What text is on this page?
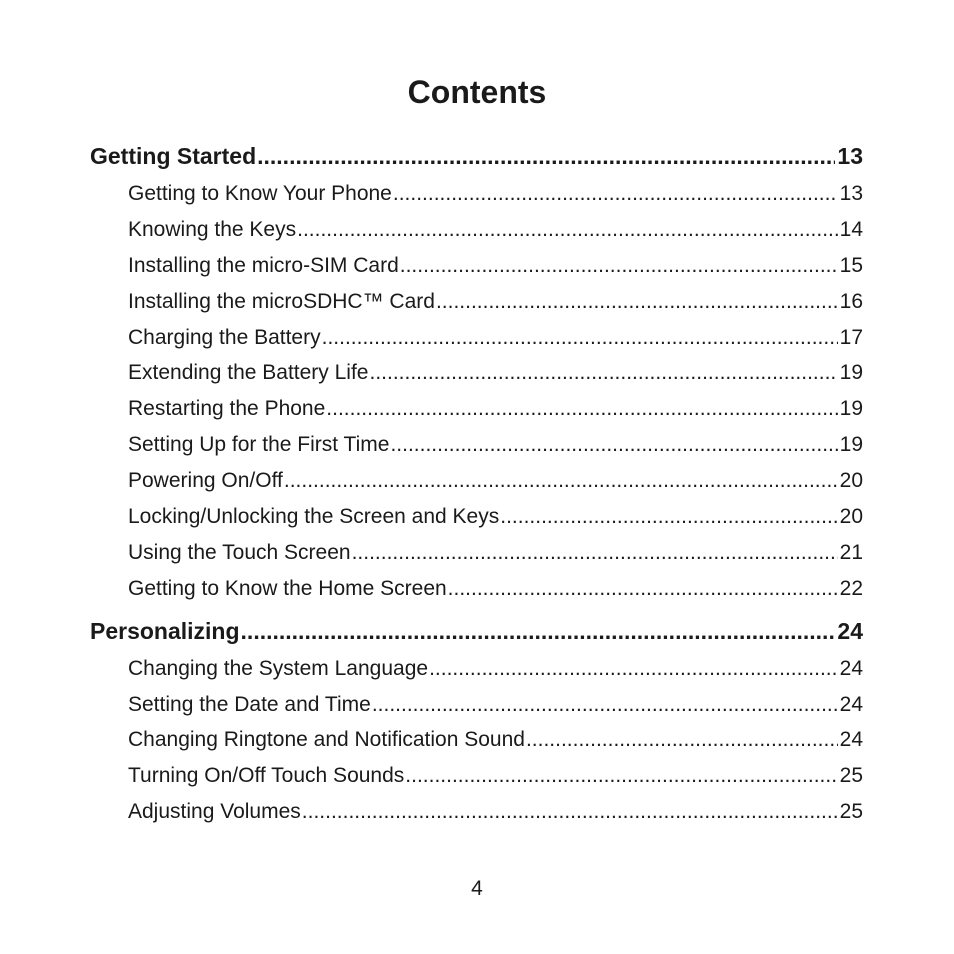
Contents
Getting Started .....	13
Getting to Know Your Phone .....	13
Knowing the Keys .....	14
Installing the micro-SIM Card .....	15
Installing the microSDHC™ Card .....	16
Charging the Battery .....	17
Extending the Battery Life .....	19
Restarting the Phone .....	19
Setting Up for the First Time .....	19
Powering On/Off .....	20
Locking/Unlocking the Screen and Keys .....	20
Using the Touch Screen .....	21
Getting to Know the Home Screen .....	22
Personalizing .....	24
Changing the System Language .....	24
Setting the Date and Time .....	24
Changing Ringtone and Notification Sound .....	24
Turning On/Off Touch Sounds .....	25
Adjusting Volumes .....	25
4
